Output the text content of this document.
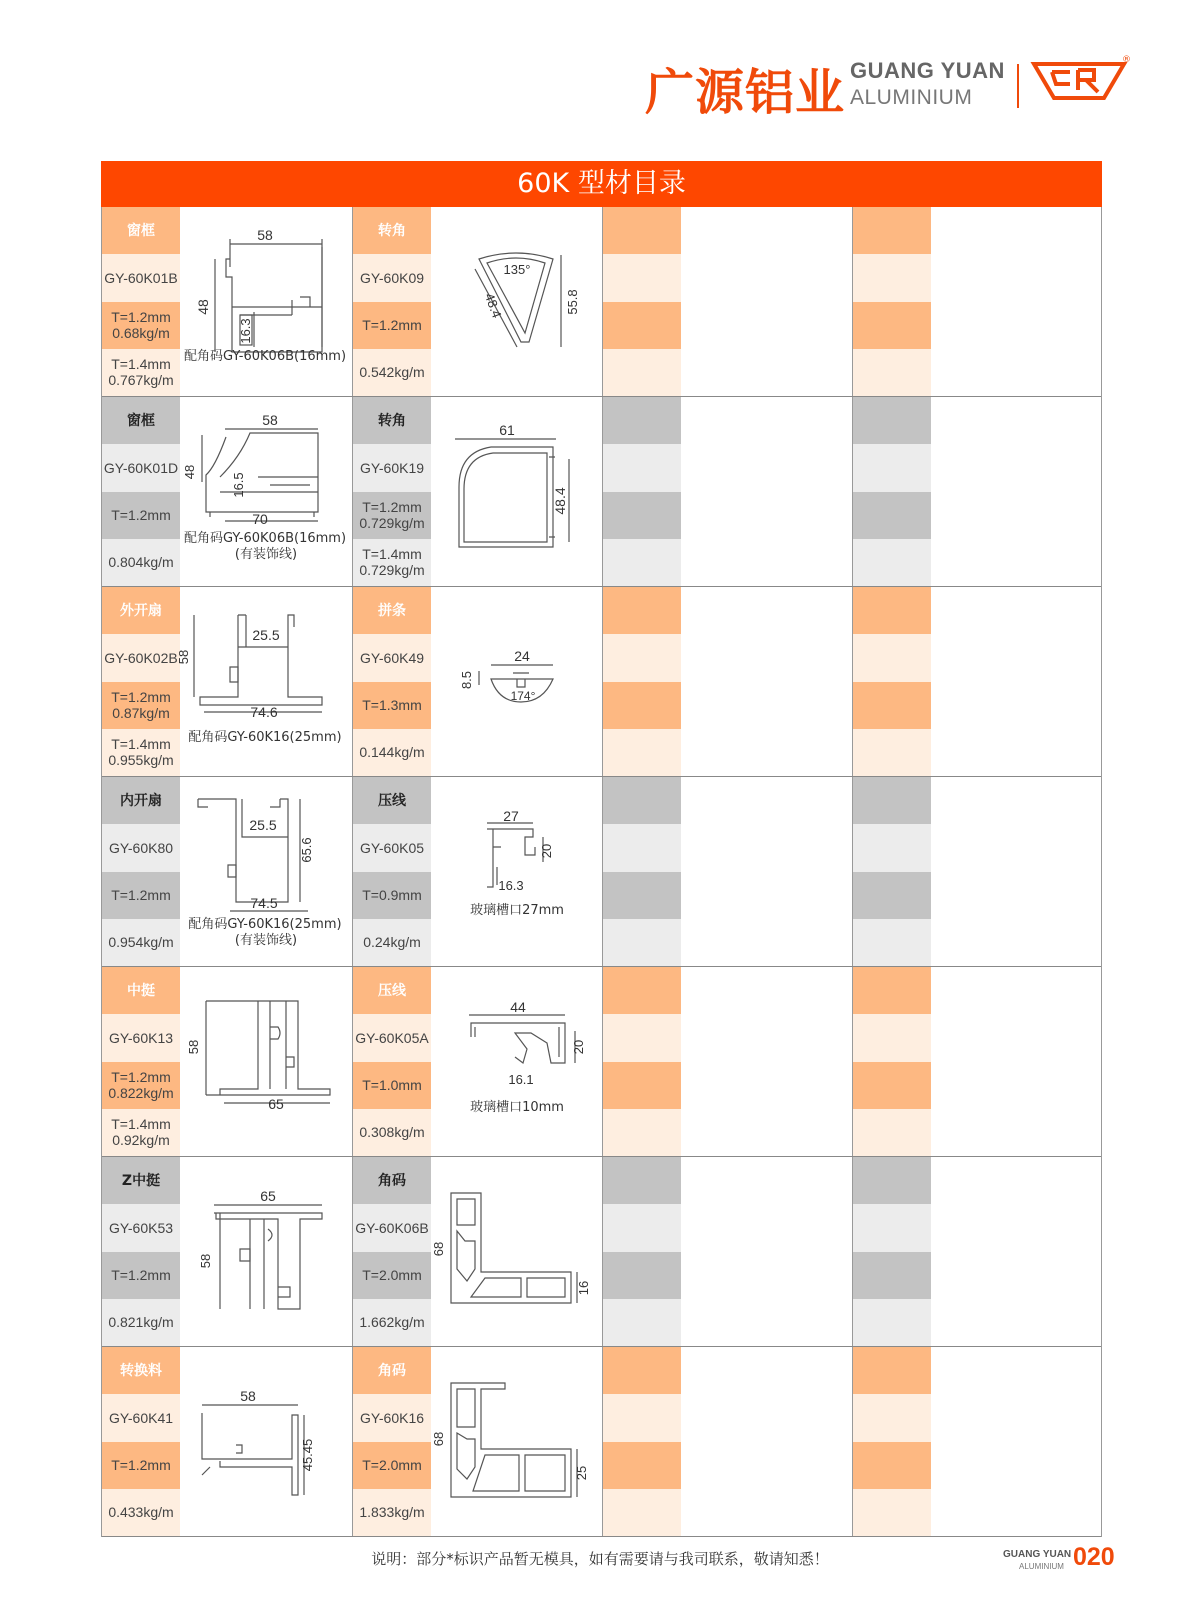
广源铝业 GUANG YUAN
ALUMINIUM
®
60K 型材目录
窗框
GY-60K01B
T=1.2mm
0.68kg/m
T=1.4mm
0.767kg/m
58
48
16.3
配角码GY-60K06B(16mm)
转角
GY-60K09
T=1.2mm
0.542kg/m
135°
48.4	55.8
窗框
GY-60K01D
T=1.2mm
0.804kg/m
58
48
16.5
70
配角码GY-60K06B(16mm)
(有装饰线)
转角
GY-60K19
T=1.2mm
0.729kg/m
T=1.4mm
0.729kg/m
61
48.4
外开扇
GY-60K02B
T=1.2mm
0.87kg/m
T=1.4mm
0.955kg/m
25.5
58
74.6
配角码GY-60K16(25mm)
拼条
GY-60K49
T=1.3mm
0.144kg/m
24
8.5
174°
内开扇
GY-60K80
T=1.2mm
0.954kg/m
25.5
65.6
74.5
配角码GY-60K16(25mm)
(有装饰线)
压线
GY-60K05
T=0.9mm
0.24kg/m
27
20
16.3
玻璃槽口27mm
中挺
GY-60K13
T=1.2mm
0.822kg/m
T=1.4mm
0.92kg/m
58
65
压线
GY-60K05A
T=1.0mm
0.308kg/m
44
20
16.1
玻璃槽口10mm
Z中挺
GY-60K53
T=1.2mm
0.821kg/m
65
58
角码
GY-60K06B
T=2.0mm
1.662kg/m
68
16
转换料
GY-60K41
T=1.2mm
0.433kg/m
58
45.45
角码
GY-60K16
T=2.0mm
1.833kg/m
68
25
说明：部分*标识产品暂无模具，如有需要请与我司联系，敬请知悉！	GUANG YUAN
ALUMINIUM 020
